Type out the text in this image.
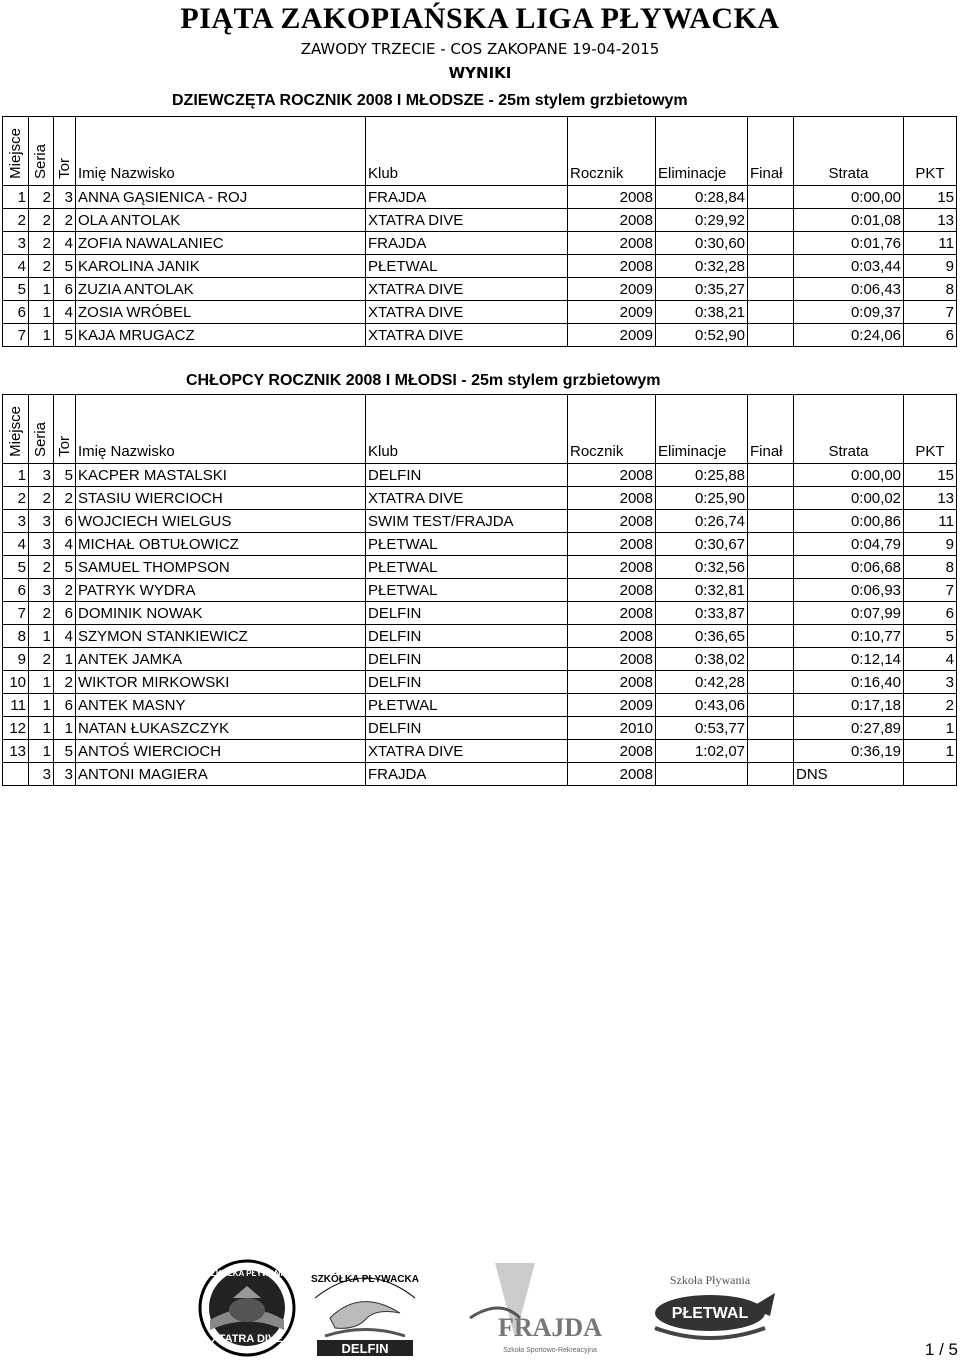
PIĄTA ZAKOPIAŃSKA LIGA PŁYWACKA
ZAWODY TRZECIE - COS ZAKOPANE 19-04-2015
WYNIKI
DZIEWCZĘTA ROCZNIK 2008 I MŁODSZE - 25m stylem grzbietowym
Miejsce	Seria	Tor	Imię Nazwisko	Klub	Rocznik	Eliminacje	Finał	Strata	PKT
1	2	3	ANNA GĄSIENICA - ROJ	FRAJDA	2008	0:28,84		0:00,00	15
2	2	2	OLA ANTOLAK	XTATRA DIVE	2008	0:29,92		0:01,08	13
3	2	4	ZOFIA NAWALANIEC	FRAJDA	2008	0:30,60		0:01,76	11
4	2	5	KAROLINA JANIK	PŁETWAL	2008	0:32,28		0:03,44	9
5	1	6	ZUZIA ANTOLAK	XTATRA DIVE	2009	0:35,27		0:06,43	8
6	1	4	ZOSIA WRÓBEL	XTATRA DIVE	2009	0:38,21		0:09,37	7
7	1	5	KAJA MRUGACZ	XTATRA DIVE	2009	0:52,90		0:24,06	6
CHŁOPCY ROCZNIK 2008 I MŁODSI - 25m stylem grzbietowym
Miejsce	Seria	Tor	Imię Nazwisko	Klub	Rocznik	Eliminacje	Finał	Strata	PKT
1	3	5	KACPER MASTALSKI	DELFIN	2008	0:25,88		0:00,00	15
2	2	2	STASIU WIERCIOCH	XTATRA DIVE	2008	0:25,90		0:00,02	13
3	3	6	WOJCIECH WIELGUS	SWIM TEST/FRAJDA	2008	0:26,74		0:00,86	11
4	3	4	MICHAŁ OBTUŁOWICZ	PŁETWAL	2008	0:30,67		0:04,79	9
5	2	5	SAMUEL THOMPSON	PŁETWAL	2008	0:32,56		0:06,68	8
6	3	2	PATRYK WYDRA	PŁETWAL	2008	0:32,81		0:06,93	7
7	2	6	DOMINIK NOWAK	DELFIN	2008	0:33,87		0:07,99	6
8	1	4	SZYMON STANKIEWICZ	DELFIN	2008	0:36,65		0:10,77	5
9	2	1	ANTEK JAMKA	DELFIN	2008	0:38,02		0:12,14	4
10	1	2	WIKTOR MIRKOWSKI	DELFIN	2008	0:42,28		0:16,40	3
11	1	6	ANTEK MASNY	PŁETWAL	2009	0:43,06		0:17,18	2
12	1	1	NATAN ŁUKASZCZYK	DELFIN	2010	0:53,77		0:27,89	1
13	1	5	ANTOŚ WIERCIOCH	XTATRA DIVE	2008	1:02,07		0:36,19	1
	3	3	ANTONI MAGIERA	FRAJDA	2008			DNS	
XTATRA DIVE
SZKÓŁKA PŁYWANIA
SZKÓŁKA PŁYWACKA
DELFIN
FRAJDA
Szkoła Sportowo-Rekreacyjna
Szkoła Pływania
PŁETWAL
1 / 5
